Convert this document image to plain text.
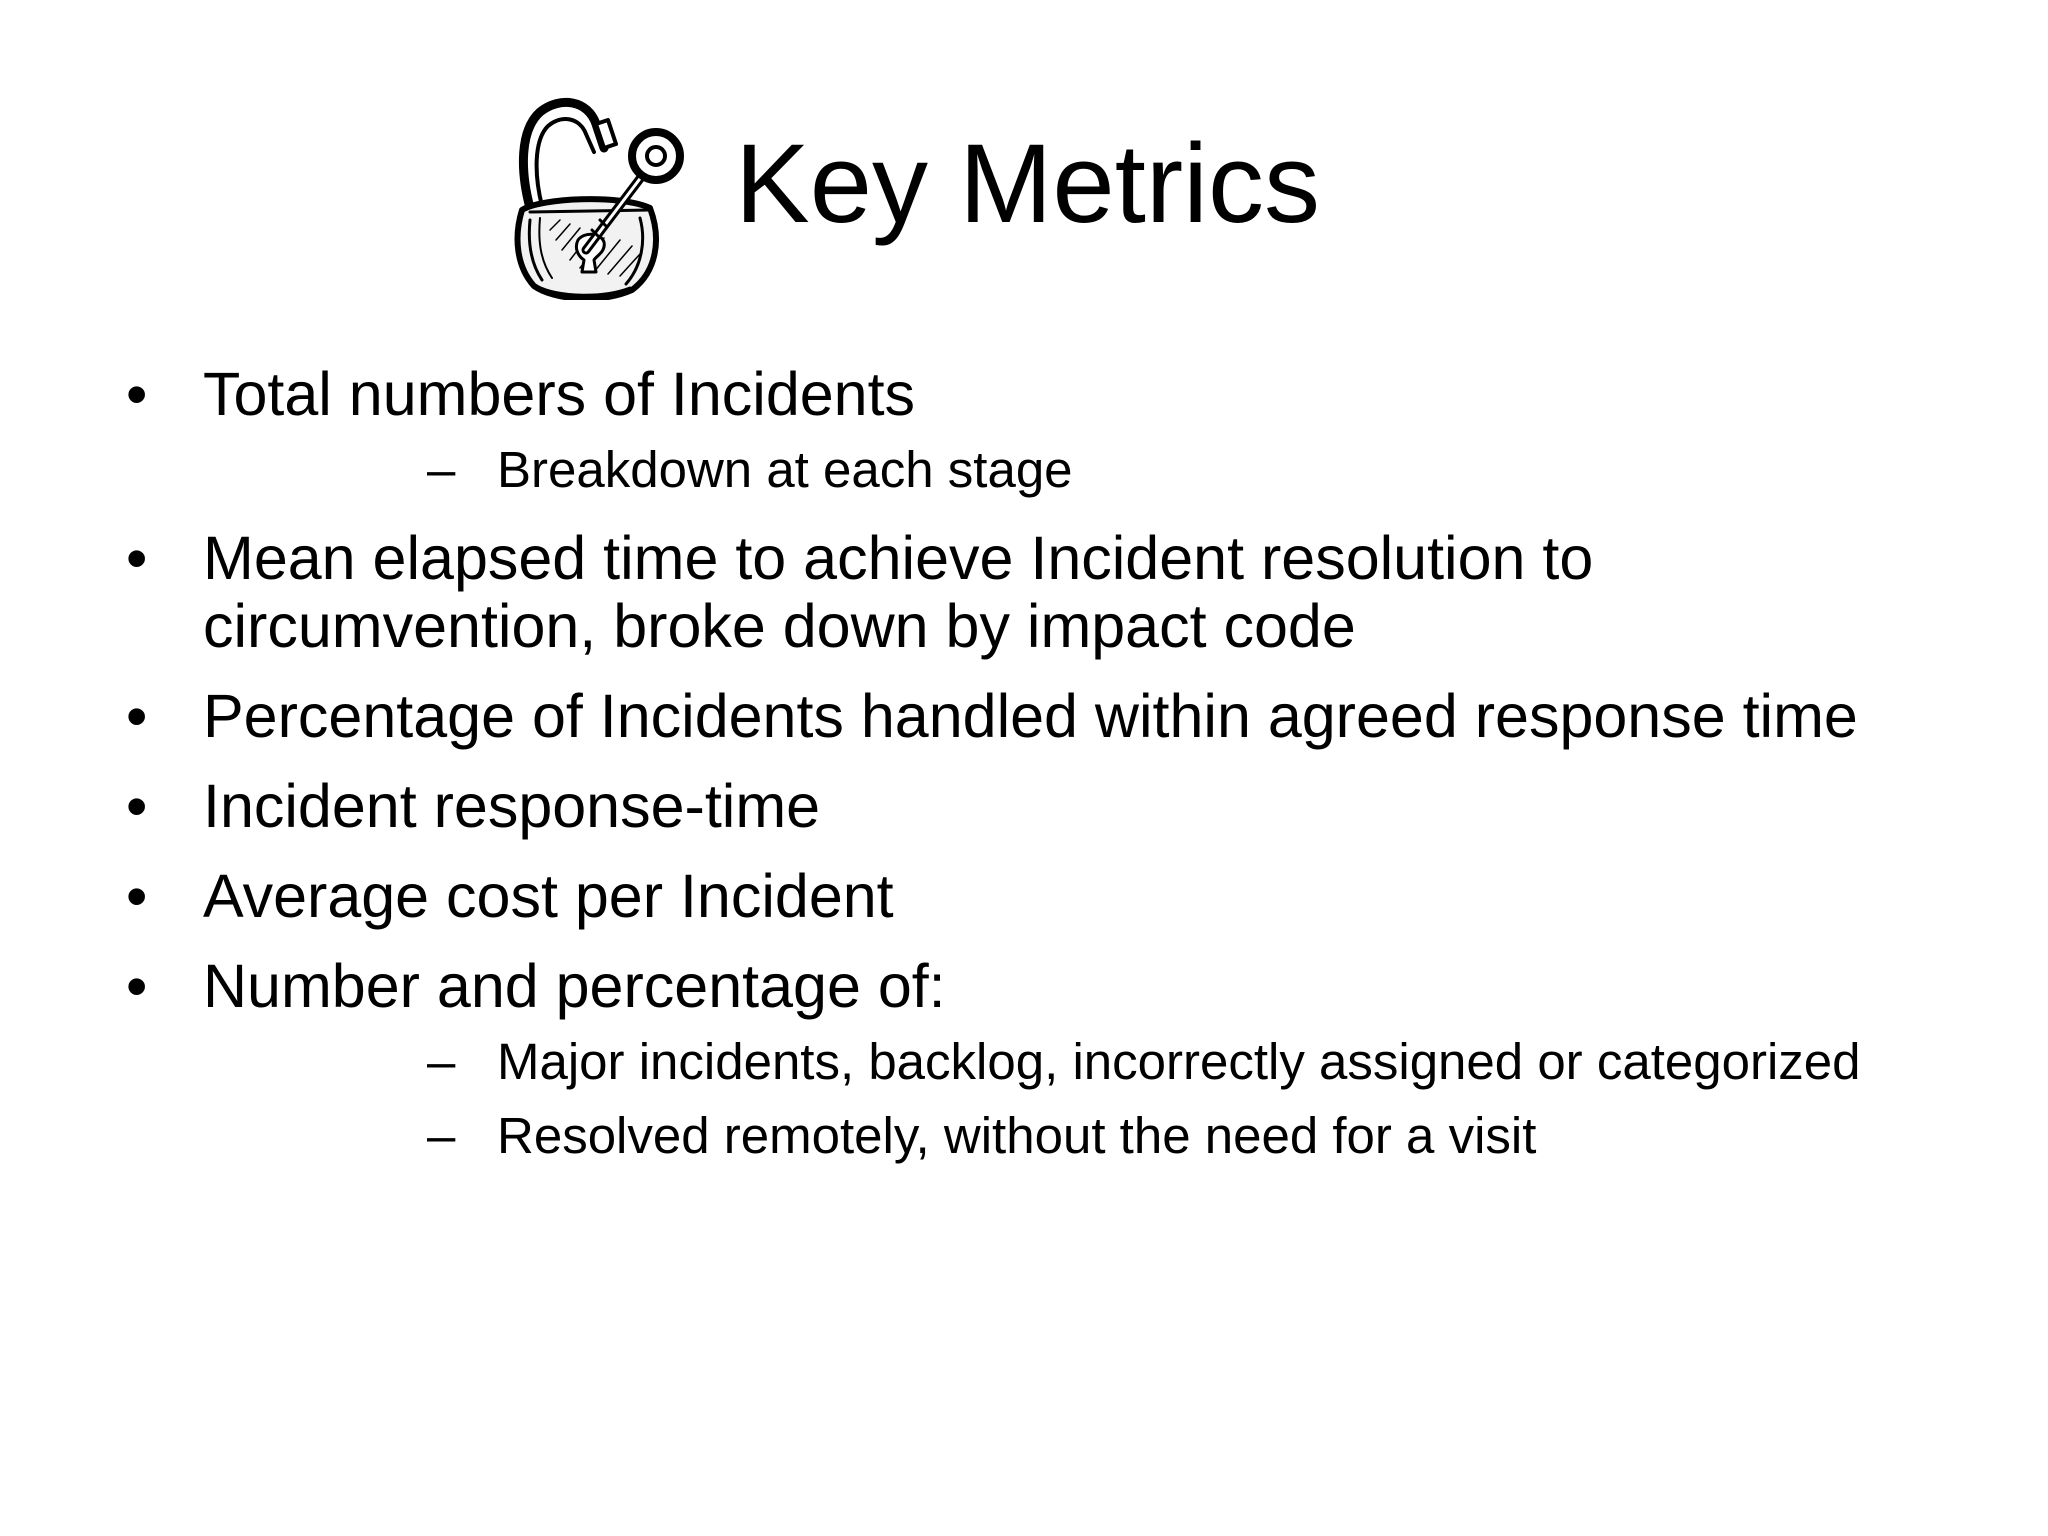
Key Metrics
• Total numbers of Incidents
– Breakdown at each stage
• Mean elapsed time to achieve Incident resolution to circumvention, broke down by impact code
• Percentage of Incidents handled within agreed response time
• Incident response-time
• Average cost per Incident
• Number and percentage of:
– Major incidents, backlog, incorrectly assigned or categorized
– Resolved remotely, without the need for a visit
